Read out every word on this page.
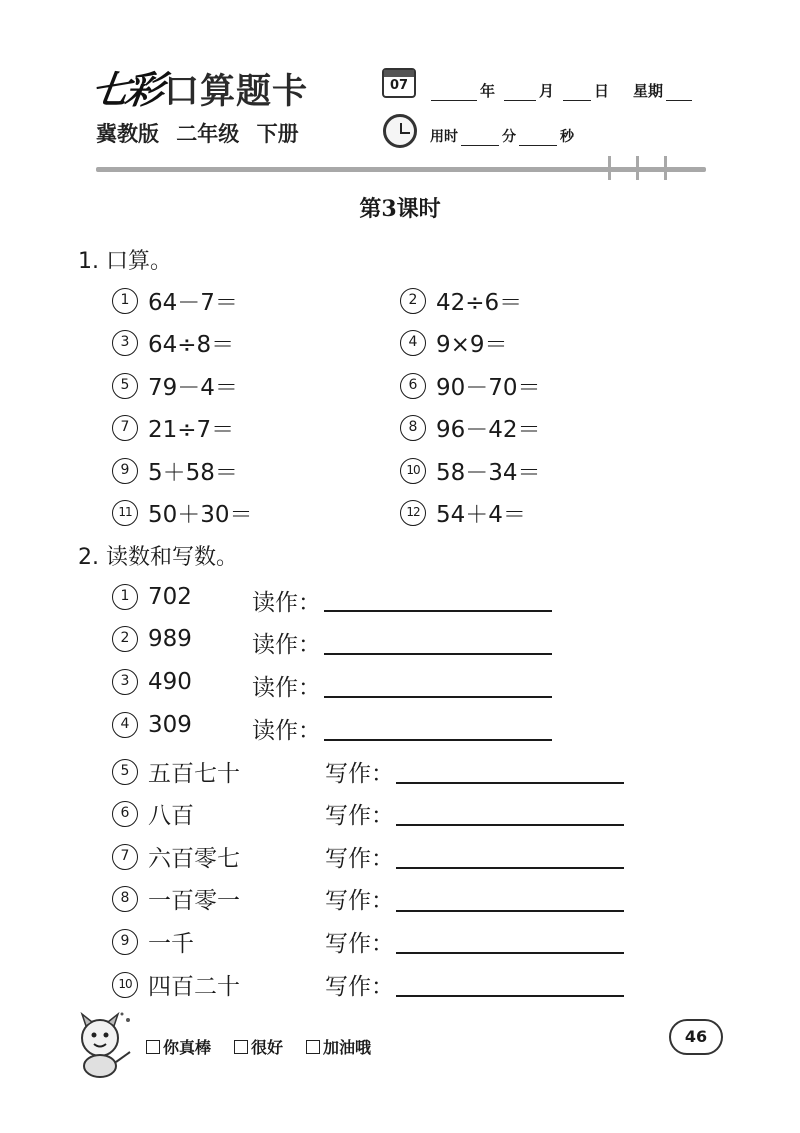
七彩 口算题卡
冀教版 二年级 下册
07	年	月	日 星期
用时	分	秒
第3课时
1. 口算。
1 64－7＝	2 42÷6＝
3 64÷8＝	4 9×9＝
5 79－4＝	6 90－70＝
7 21÷7＝	8 96－42＝
9 5＋58＝	10 58－34＝
11 50＋30＝	12 54＋4＝
2. 读数和写数。
1 702	读作：
2 989	读作：
3 490	读作：
4 309	读作：
5 五百七十	写作：
6 八百	写作：
7 六百零七	写作：
8 一百零一	写作：
9 一千	写作：
10 四百二十	写作：
你真棒 很好 加油哦
46
